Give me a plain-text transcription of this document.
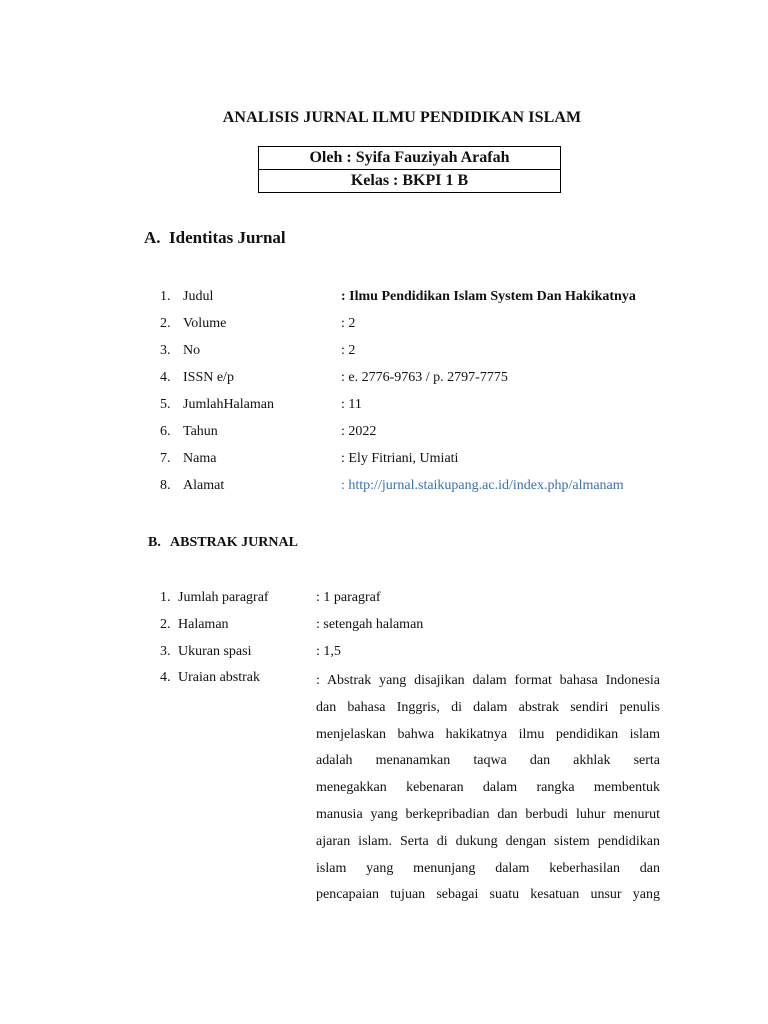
ANALISIS JURNAL ILMU PENDIDIKAN ISLAM
Oleh : Syifa Fauziyah Arafah
Kelas : BKPI 1 B
A. Identitas Jurnal
1. Judul	: Ilmu Pendidikan Islam System Dan Hakikatnya
2. Volume	: 2
3. No	: 2
4. ISSN e/p	: e. 2776-9763 / p. 2797-7775
5. JumlahHalaman	: 11
6. Tahun	: 2022
7. Nama	: Ely Fitriani, Umiati
8. Alamat	: http://jurnal.staikupang.ac.id/index.php/almanam
B. ABSTRAK JURNAL
1. Jumlah paragraf	: 1 paragraf
2. Halaman	: setengah halaman
3. Ukuran spasi	: 1,5
4. Uraian abstrak	: Abstrak yang disajikan dalam format bahasa Indonesia
dan bahasa Inggris, di dalam abstrak sendiri penulis
menjelaskan bahwa hakikatnya ilmu pendidikan islam
adalah menanamkan taqwa dan akhlak serta
menegakkan kebenaran dalam rangka membentuk
manusia yang berkepribadian dan berbudi luhur menurut
ajaran islam. Serta di dukung dengan sistem pendidikan
islam yang menunjang dalam keberhasilan dan
pencapaian tujuan sebagai suatu kesatuan unsur yang
